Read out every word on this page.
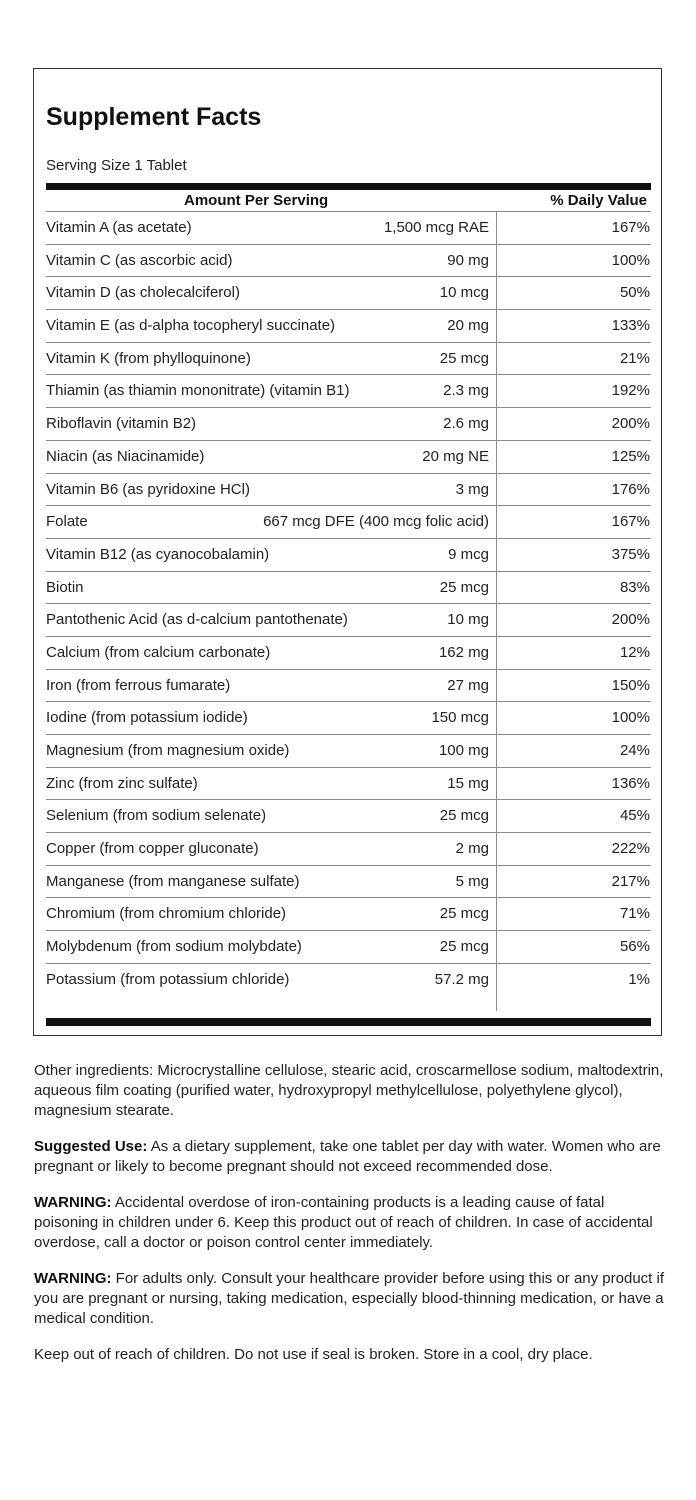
Supplement Facts
Serving Size 1 Tablet
Amount Per Serving	% Daily Value
Vitamin A (as acetate)	1,500 mcg RAE	167%
Vitamin C (as ascorbic acid)	90 mg	100%
Vitamin D (as cholecalciferol)	10 mcg	50%
Vitamin E (as d-alpha tocopheryl succinate)	20 mg	133%
Vitamin K (from phylloquinone)	25 mcg	21%
Thiamin (as thiamin mononitrate) (vitamin B1)	2.3 mg	192%
Riboflavin (vitamin B2)	2.6 mg	200%
Niacin (as Niacinamide)	20 mg NE	125%
Vitamin B6 (as pyridoxine HCl)	3 mg	176%
Folate	667 mcg DFE (400 mcg folic acid)	167%
Vitamin B12 (as cyanocobalamin)	9 mcg	375%
Biotin	25 mcg	83%
Pantothenic Acid (as d-calcium pantothenate)	10 mg	200%
Calcium (from calcium carbonate)	162 mg	12%
Iron (from ferrous fumarate)	27 mg	150%
Iodine (from potassium iodide)	150 mcg	100%
Magnesium (from magnesium oxide)	100 mg	24%
Zinc (from zinc sulfate)	15 mg	136%
Selenium (from sodium selenate)	25 mcg	45%
Copper (from copper gluconate)	2 mg	222%
Manganese (from manganese sulfate)	5 mg	217%
Chromium (from chromium chloride)	25 mcg	71%
Molybdenum (from sodium molybdate)	25 mcg	56%
Potassium (from potassium chloride)	57.2 mg	1%

Other ingredients: Microcrystalline cellulose, stearic acid, croscarmellose sodium, maltodextrin, aqueous film coating (purified water, hydroxypropyl methylcellulose, polyethylene glycol), magnesium stearate.

Suggested Use: As a dietary supplement, take one tablet per day with water. Women who are pregnant or likely to become pregnant should not exceed recommended dose.

WARNING: Accidental overdose of iron-containing products is a leading cause of fatal poisoning in children under 6. Keep this product out of reach of children. In case of accidental overdose, call a doctor or poison control center immediately.

WARNING: For adults only. Consult your healthcare provider before using this or any product if you are pregnant or nursing, taking medication, especially blood-thinning medication, or have a medical condition.

Keep out of reach of children. Do not use if seal is broken. Store in a cool, dry place.
